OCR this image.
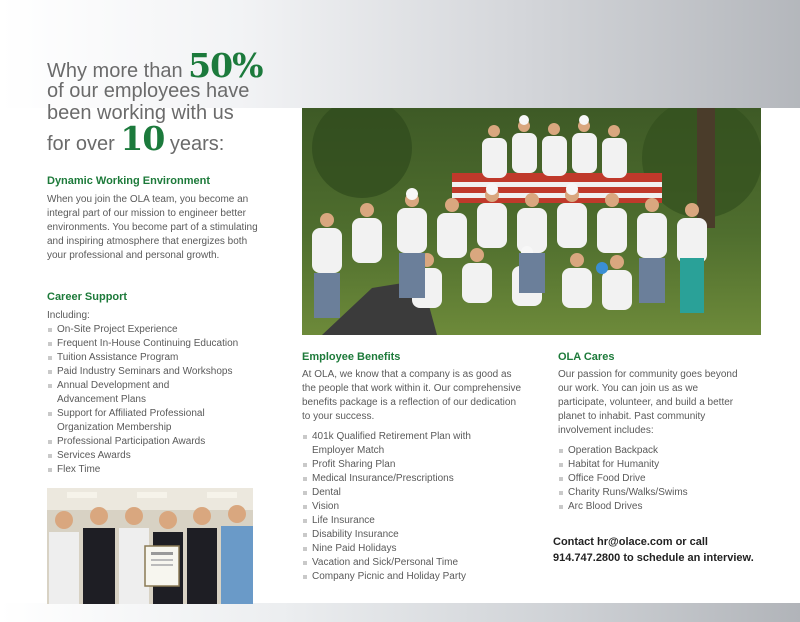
Why more than 50%
of our employees have
been working with us
for over 10 years:
Dynamic Working Environment

When you join the OLA team, you become an integral part of our mission to engineer better environments. You become part of a stimulating and inspiring atmosphere that energizes both your professional and personal growth.

Career Support

Including:

On-Site Project Experience
Frequent In-House Continuing Education
Tuition Assistance Program
Paid Industry Seminars and Workshops
Annual Development and Advancement Plans
Support for Affiliated Professional Organization Membership
Professional Participation Awards
Services Awards
Flex Time
Employee Benefits

At OLA, we know that a company is as good as the people that work within it. Our comprehensive benefits package is a reflection of our dedication to your success.

401k Qualified Retirement Plan with Employer Match
Profit Sharing Plan
Medical Insurance/Prescriptions
Dental
Vision
Life Insurance
Disability Insurance
Nine Paid Holidays
Vacation and Sick/Personal Time
Company Picnic and Holiday Party
OLA Cares

Our passion for community goes beyond our work. You can join us as we participate, volunteer, and build a better planet to inhabit. Past community involvement includes:

Operation Backpack
Habitat for Humanity
Office Food Drive
Charity Runs/Walks/Swims
Arc Blood Drives

Contact hr@olace.com or call 914.747.2800 to schedule an interview.
